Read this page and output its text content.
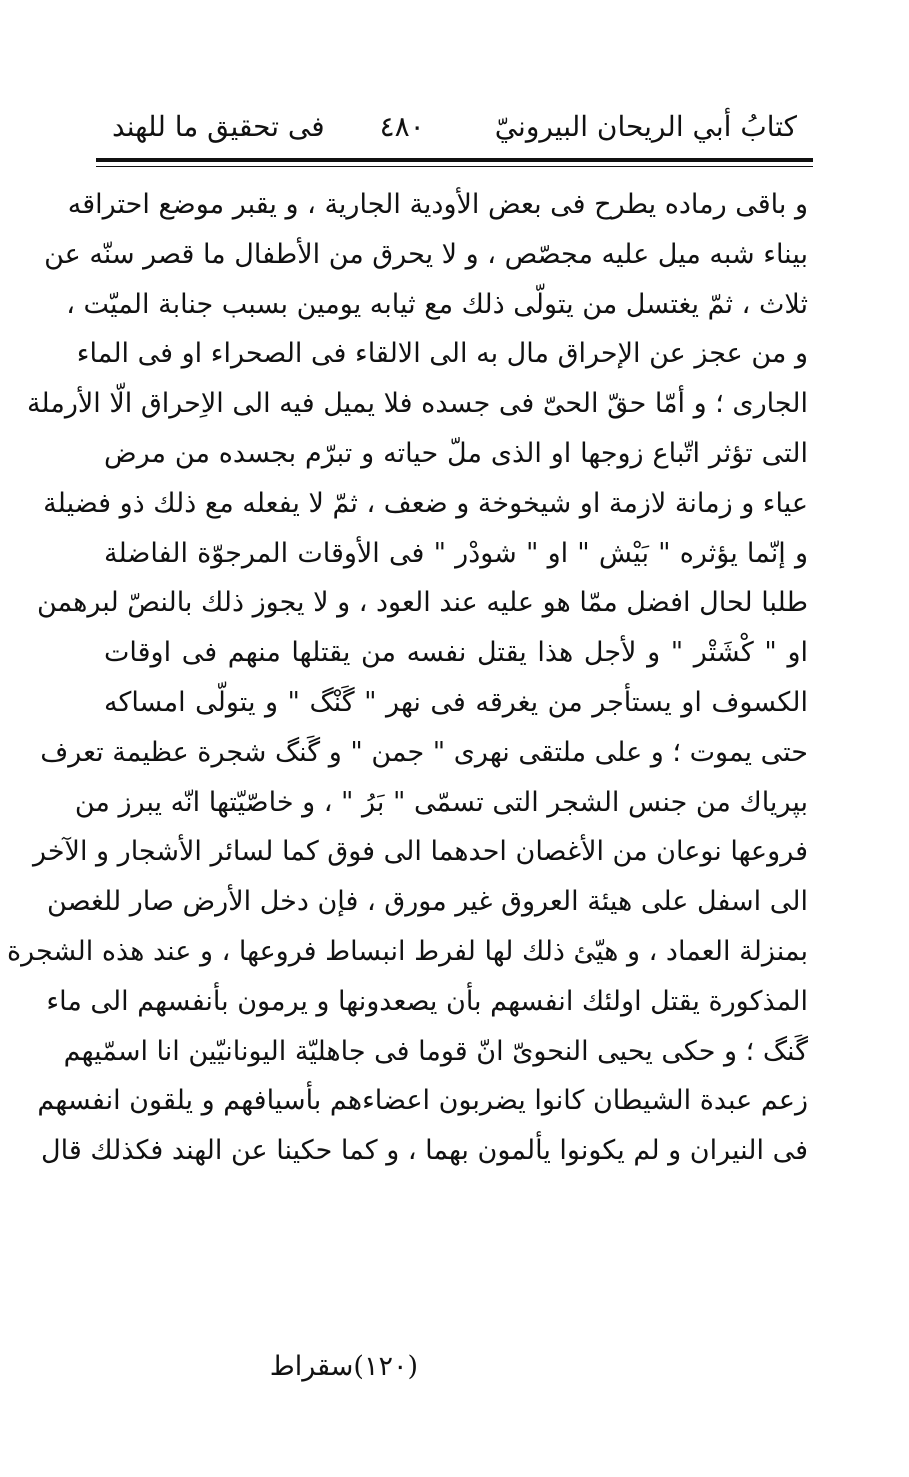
كتابُ أبي الريحان البيرونيّ
٤٨٠
فی تحقيق ما للهند
و باقی رماده يطرح فی بعض الأودية الجارية ، و يقبر موضع احتراقه
بيناء شبه ميل عليه مجصّص ، و لا يحرق من الأطفال ما قصر سنّه عن
ثلاث ، ثمّ يغتسل من يتولّى ذلك مع ثيابه يومين بسبب جنابة الميّت ،
و من عجز عن الإحراق مال به الى الالقاء فی الصحراء او فی الماء
الجاری ؛ و أمّا حقّ الحیّ فی جسده فلا يميل فيه الى الاِحراق الّا الأرملة
التی تؤثر اتّباع زوجها او الذی ملّ حياته و تبرّم بجسده من مرض
عياء و زمانة لازمة او شيخوخة و ضعف ، ثمّ لا يفعله مع ذلك ذو فضيلة
و إنّما يؤثره " بَیْش " او " شودْر " فی الأوقات المرجوّة الفاضلة
طلبا لحال افضل ممّا هو عليه عند العود ، و لا يجوز ذلك بالنصّ لبرهمن
او " كْشَتْر " و لأجل هذا يقتل نفسه من يقتلها منهم فی اوقات
الكسوف او يستأجر من يغرقه فی نهر " گَنْگ " و يتولّى امساكه
حتى يموت ؛ و على ملتقى نهرى " جمن " و گَنگ شجرة عظيمة تعرف
بپریاك من جنس الشجر التی تسمّى " بَرُ " ، و خاصّيّتها انّه يبرز من
فروعها نوعان من الأغصان احدهما الى فوق كما لسائر الأشجار و الآخر
الى اسفل على هيئة العروق غير مورق ، فإن دخل الأرض صار للغصن
بمنزلة العماد ، و هيّئ ذلك لها لفرط انبساط فروعها ، و عند هذه الشجرة
المذكورة يقتل اولئك انفسهم بأن يصعدونها و يرمون بأنفسهم الى ماء
گَنگ ؛ و حكى يحيی النحویّ انّ قوما فی جاهليّة اليونانيّين انا اسمّيهم
زعم عبدة الشيطان كانوا يضربون اعضاءهم بأسيافهم و يلقون انفسهم
فی النيران و لم يكونوا يألمون بهما ، و كما حكينا عن الهند فكذلك قال
(١٢٠)
سقراط
